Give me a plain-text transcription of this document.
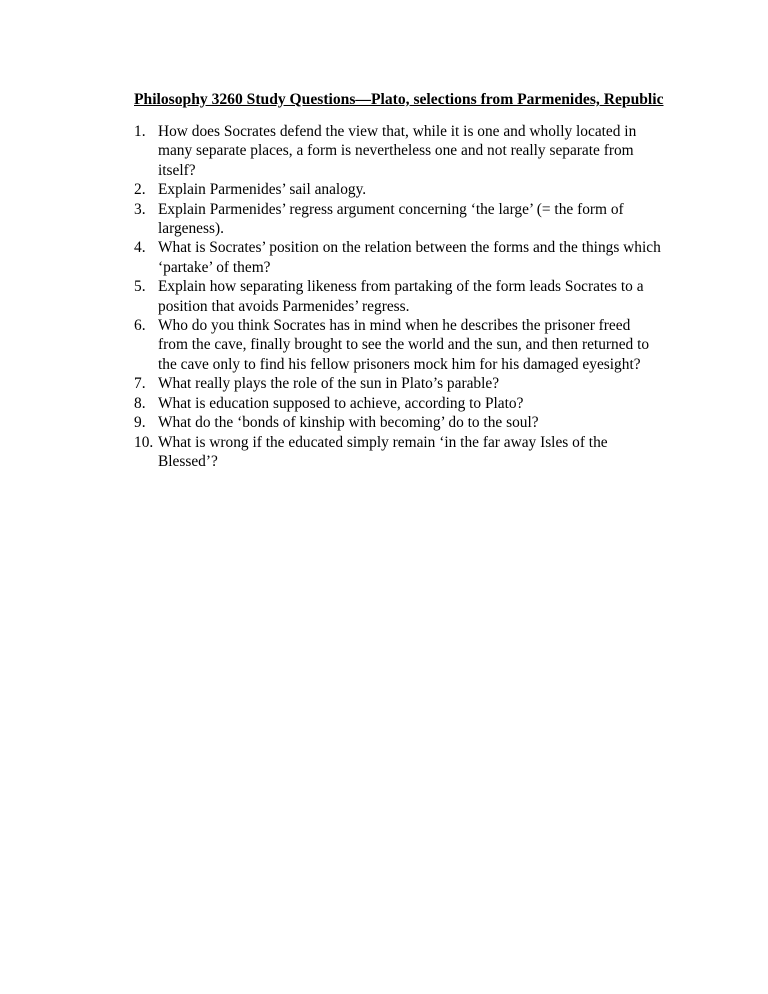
Philosophy 3260 Study Questions—Plato, selections from Parmenides, Republic
1. How does Socrates defend the view that, while it is one and wholly located in many separate places, a form is nevertheless one and not really separate from itself?
2. Explain Parmenides’ sail analogy.
3. Explain Parmenides’ regress argument concerning ‘the large’ (= the form of largeness).
4. What is Socrates’ position on the relation between the forms and the things which ‘partake’ of them?
5. Explain how separating likeness from partaking of the form leads Socrates to a position that avoids Parmenides’ regress.
6. Who do you think Socrates has in mind when he describes the prisoner freed from the cave, finally brought to see the world and the sun, and then returned to the cave only to find his fellow prisoners mock him for his damaged eyesight?
7. What really plays the role of the sun in Plato’s parable?
8. What is education supposed to achieve, according to Plato?
9. What do the ‘bonds of kinship with becoming’ do to the soul?
10. What is wrong if the educated simply remain ‘in the far away Isles of the Blessed’?
